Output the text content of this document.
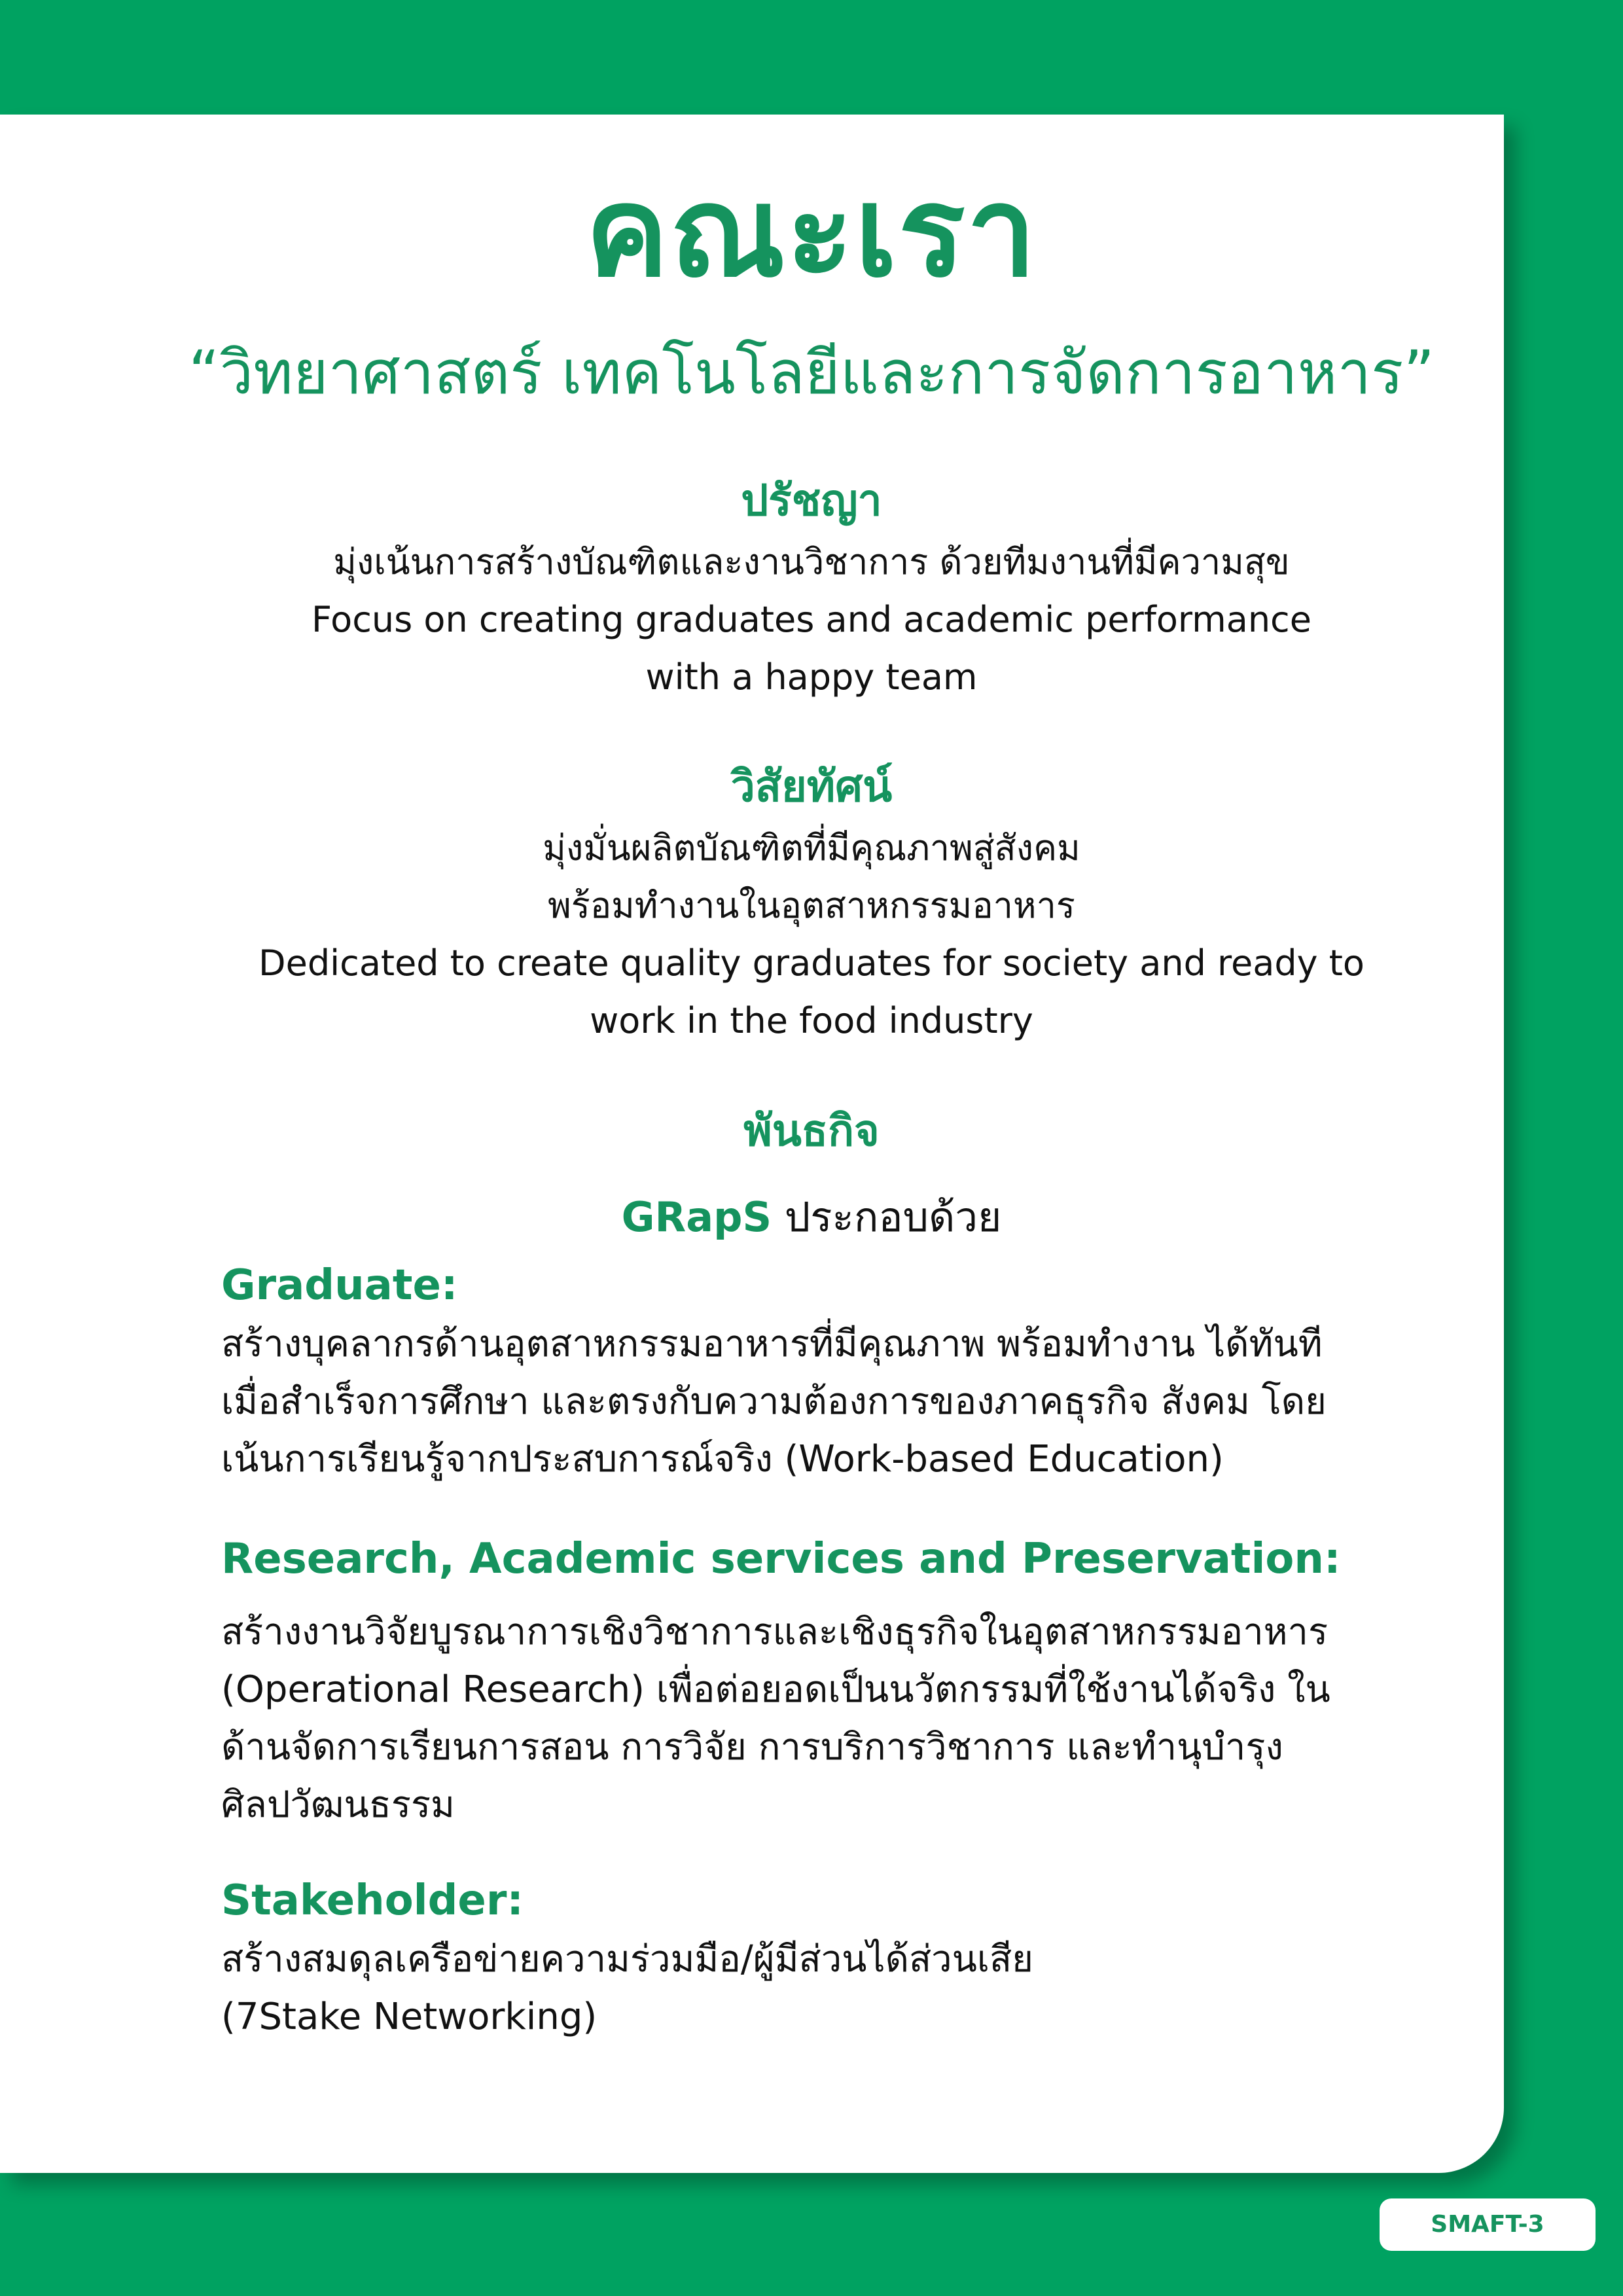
คณะเรา

“วิทยาศาสตร์ เทคโนโลยีและการจัดการอาหาร”

ปรัชญา
มุ่งเน้นการสร้างบัณฑิตและงานวิชาการ ด้วยทีมงานที่มีความสุข
Focus on creating graduates and academic performance
with a happy team
วิสัยทัศน์
มุ่งมั่นผลิตบัณฑิตที่มีคุณภาพสู่สังคม
พร้อมทำงานในอุตสาหกรรมอาหาร
Dedicated to create quality graduates for society and ready to
work in the food industry
พันธกิจ
GRapS ประกอบด้วย
Graduate:
สร้างบุคลากรด้านอุตสาหกรรมอาหารที่มีคุณภาพ พร้อมทำงาน ได้ทันที
เมื่อสำเร็จการศึกษา และตรงกับความต้องการของภาคธุรกิจ สังคม โดย
เน้นการเรียนรู้จากประสบการณ์จริง (Work-based Education)
Research, Academic services and Preservation:
สร้างงานวิจัยบูรณาการเชิงวิชาการและเชิงธุรกิจในอุตสาหกรรมอาหาร
(Operational Research) เพื่อต่อยอดเป็นนวัตกรรมที่ใช้งานได้จริง ใน
ด้านจัดการเรียนการสอน การวิจัย การบริการวิชาการ และทำนุบำรุง
ศิลปวัฒนธรรม
Stakeholder:
สร้างสมดุลเครือข่ายความร่วมมือ/ผู้มีส่วนได้ส่วนเสีย
(7Stake Networking)
SMAFT-3
